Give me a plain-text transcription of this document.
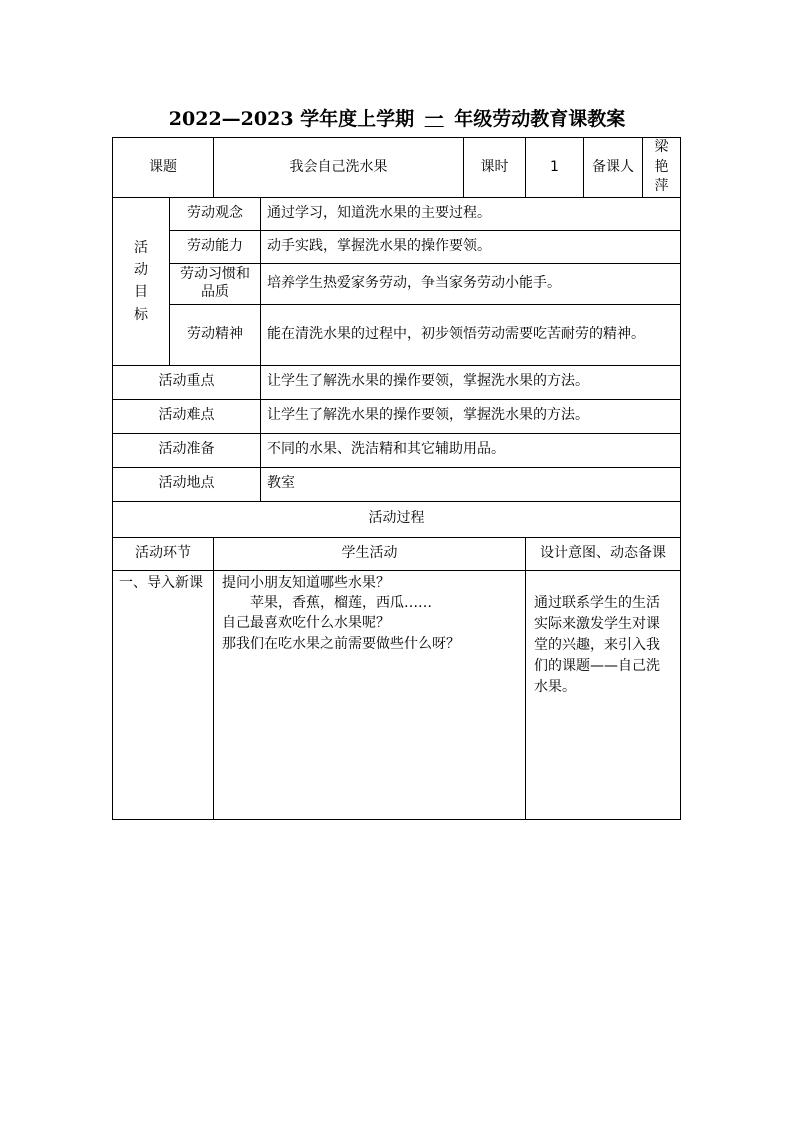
2022—2023 学年度上学期 一 年级劳动教育课教案
课题		我会自己洗水果		课时	1	备课人	梁艳萍

活
动
目
标	劳动观念		通过学习，知道洗水果的主要过程。				
	劳动能力		动手实践，掌握洗水果的操作要领。				
	劳动习惯和品质		培养学生热爱家务劳动，争当家务劳动小能手。				
	劳动精神		能在清洗水果的过程中，初步领悟劳动需要吃苦耐劳的精神。				
活动重点			让学生了解洗水果的操作要领，掌握洗水果的方法。				
活动难点			让学生了解洗水果的操作要领，掌握洗水果的方法。				
活动准备			不同的水果、洗洁精和其它辅助用品。				
活动地点			教室				
活动过程							
活动环节		学生活动			设计意图、动态备课		
一、导入新课		提问小朋友知道哪些水果？
苹果，香蕉，榴莲，西瓜……
自己最喜欢吃什么水果呢？
那我们在吃水果之前需要做些什么呀？			通过联系学生的生活实际来激发学生对课堂的兴趣，来引入我们的课题——自己洗水果。		
